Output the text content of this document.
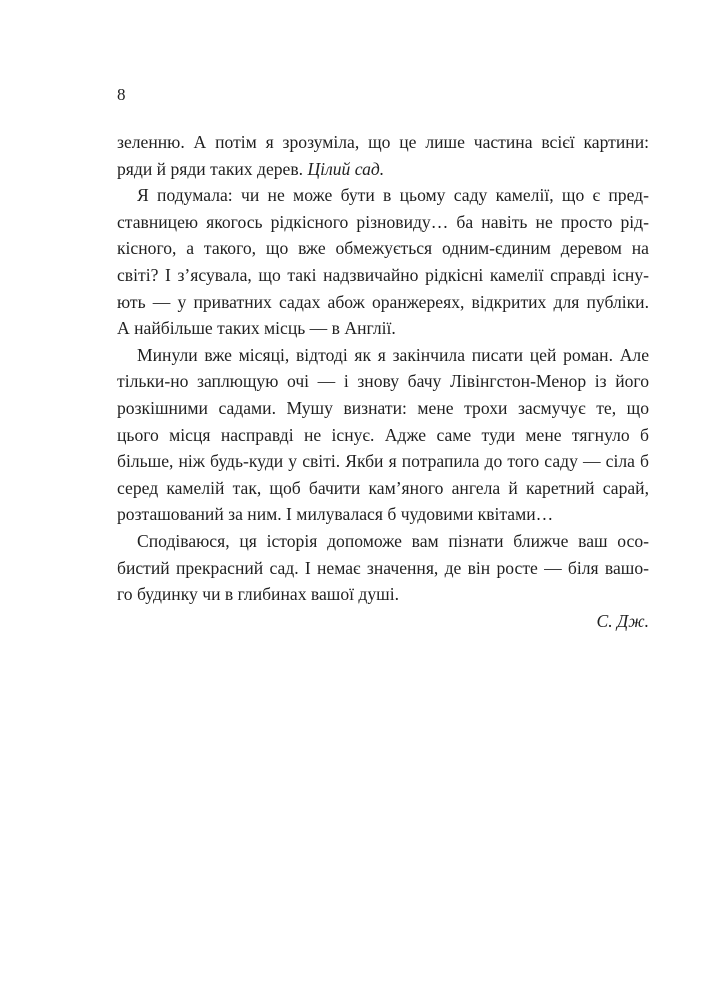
8
зеленню. А потім я зрозуміла, що це лише частина всієї картини:
ряди й ряди таких дерев. Цілий сад.
Я подумала: чи не може бути в цьому саду камелії, що є пред-
ставницею якогось рідкісного різновиду… ба навіть не просто рід-
кісного, а такого, що вже обмежується одним-єдиним деревом на
світі? І з’ясувала, що такі надзвичайно рідкісні камелії справді існу-
ють — у приватних садах абож оранжереях, відкритих для публіки.
А найбільше таких місць — в Англії.
Минули вже місяці, відтоді як я закінчила писати цей роман. Але
тільки-но заплющую очі — і знову бачу Лівінгстон-Менор із його
розкішними садами. Мушу визнати: мене трохи засмучує те, що
цього місця насправді не існує. Адже саме туди мене тягнуло б
більше, ніж будь-куди у світі. Якби я потрапила до того саду — сіла б
серед камелій так, щоб бачити кам’яного ангела й каретний сарай,
розташований за ним. І милувалася б чудовими квітами…
Сподіваюся, ця історія допоможе вам пізнати ближче ваш осо-
бистий прекрасний сад. І немає значення, де він росте — біля вашо-
го будинку чи в глибинах вашої душі.
С. Дж.
